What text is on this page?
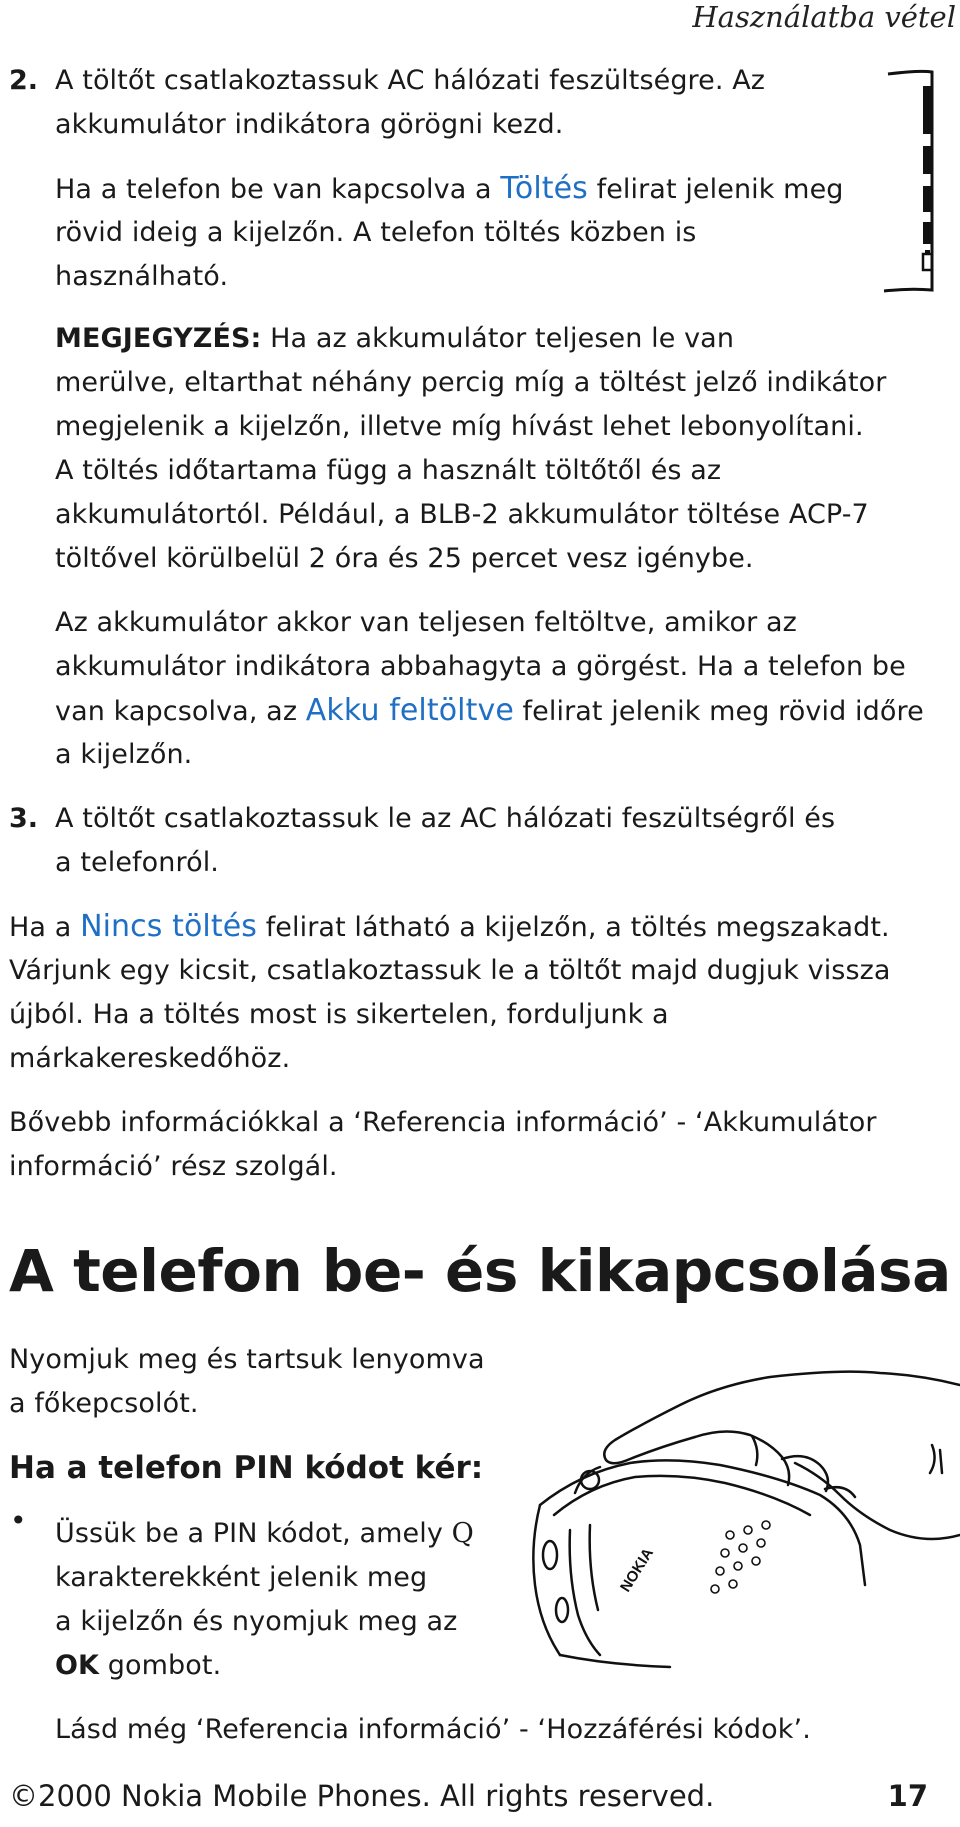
Használatba vétel
2. A töltőt csatlakoztassuk AC hálózati feszültségre. Az
akkumulátor indikátora görögni kezd.
Ha a telefon be van kapcsolva a Töltés felirat jelenik meg
rövid ideig a kijelzőn. A telefon töltés közben is
használható.
MEGJEGYZÉS: Ha az akkumulátor teljesen le van
merülve, eltarthat néhány percig míg a töltést jelző indikátor
megjelenik a kijelzőn, illetve míg hívást lehet lebonyolítani.
A töltés időtartama függ a használt töltőtől és az
akkumulátortól. Például, a BLB-2 akkumulátor töltése ACP-7
töltővel körülbelül 2 óra és 25 percet vesz igénybe.
Az akkumulátor akkor van teljesen feltöltve, amikor az
akkumulátor indikátora abbahagyta a görgést. Ha a telefon be
van kapcsolva, az Akku feltöltve felirat jelenik meg rövid időre
a kijelzőn.
3. A töltőt csatlakoztassuk le az AC hálózati feszültségről és
a telefonról.
Ha a Nincs töltés felirat látható a kijelzőn, a töltés megszakadt.
Várjunk egy kicsit, csatlakoztassuk le a töltőt majd dugjuk vissza
újból. Ha a töltés most is sikertelen, forduljunk a
márkakereskedőhöz.
Bővebb információkkal a ‘Referencia információ’ - ‘Akkumulátor
információ’ rész szolgál.
A telefon be- és kikapcsolása
Nyomjuk meg és tartsuk lenyomva
a főkepcsolót.
Ha a telefon PIN kódot kér:
• Üssük be a PIN kódot, amely Q
karakterekként jelenik meg
a kijelzőn és nyomjuk meg az
OK gombot.
Lásd még ‘Referencia információ’ - ‘Hozzáférési kódok’.
NOKIA
©2000 Nokia Mobile Phones. All rights reserved.	17
